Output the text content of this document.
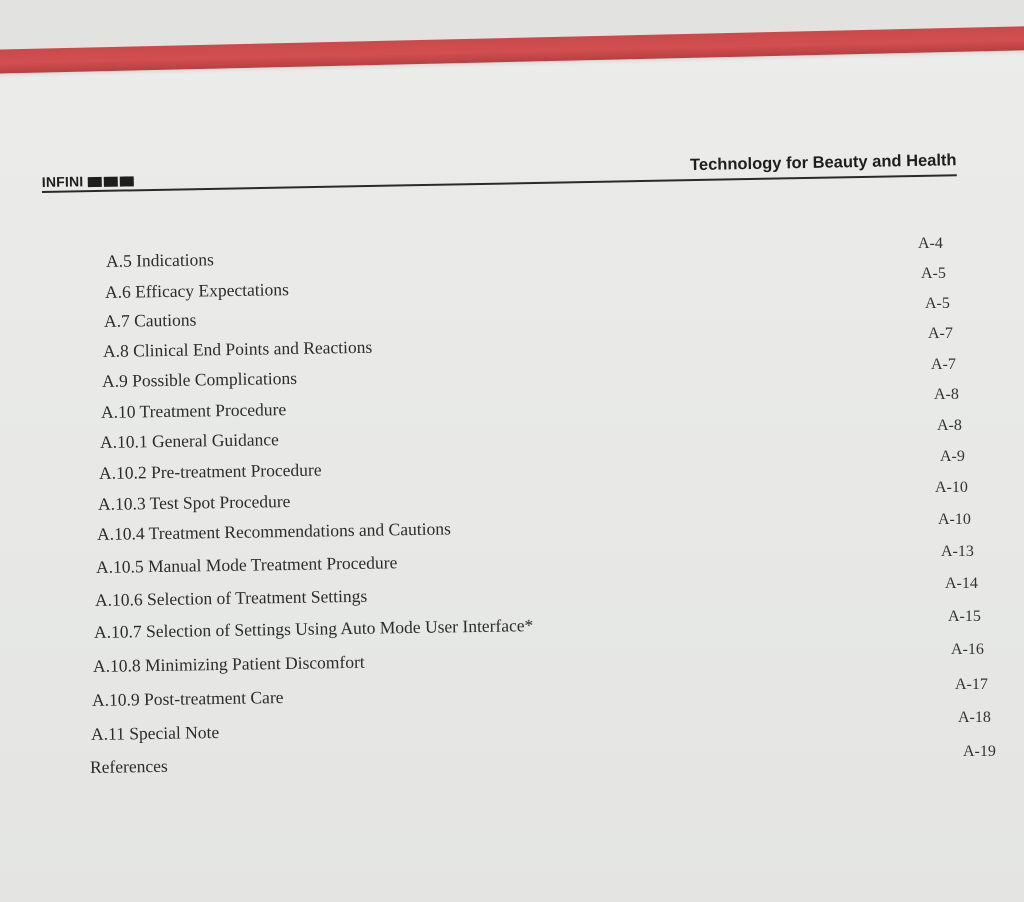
INFINI
Technology for Beauty and Health
A.5 Indications
A-4
A.6 Efficacy Expectations
A-5
A.7 Cautions
A-5
A.8 Clinical End Points and Reactions
A-7
A.9 Possible Complications
A-7
A.10 Treatment Procedure
A-8
A.10.1 General Guidance
A-8
A.10.2 Pre-treatment Procedure
A-9
A.10.3 Test Spot Procedure
A-10
A.10.4 Treatment Recommendations and Cautions	A-10
A.10.5 Manual Mode Treatment Procedure
A-13
A.10.6 Selection of Treatment Settings
A-14
A.10.7 Selection of Settings Using Auto Mode User Interface*	A-15
A.10.8 Minimizing Patient Discomfort
A-16
A.10.9 Post-treatment Care
A-17
A.11 Special Note
A-18
References
A-19
